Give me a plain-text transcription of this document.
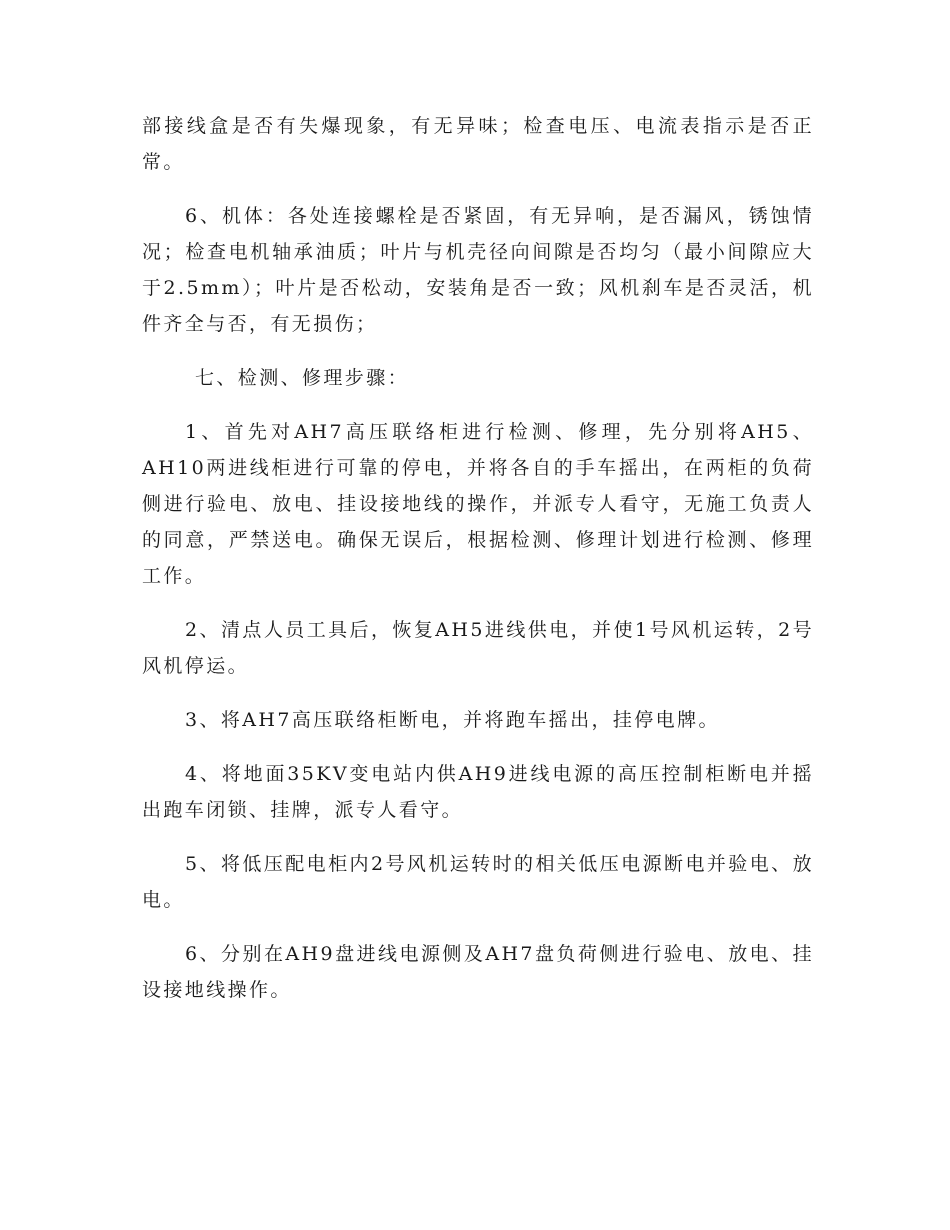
部接线盒是否有失爆现象，有无异味；检查电压、电流表指示是否正常。

6、机体：各处连接螺栓是否紧固，有无异响，是否漏风，锈蚀情况；检查电机轴承油质；叶片与机壳径向间隙是否均匀（最小间隙应大于2.5mm）；叶片是否松动，安装角是否一致；风机刹车是否灵活，机件齐全与否，有无损伤；

七、检测、修理步骤：

1、首先对AH7高压联络柜进行检测、修理，先分别将AH5、AH10两进线柜进行可靠的停电，并将各自的手车摇出，在两柜的负荷侧进行验电、放电、挂设接地线的操作，并派专人看守，无施工负责人的同意，严禁送电。确保无误后，根据检测、修理计划进行检测、修理工作。

2、清点人员工具后，恢复AH5进线供电，并使1号风机运转，2号风机停运。

3、将AH7高压联络柜断电，并将跑车摇出，挂停电牌。

4、将地面35KV变电站内供AH9进线电源的高压控制柜断电并摇出跑车闭锁、挂牌，派专人看守。

5、将低压配电柜内2号风机运转时的相关低压电源断电并验电、放电。

6、分别在AH9盘进线电源侧及AH7盘负荷侧进行验电、放电、挂设接地线操作。
